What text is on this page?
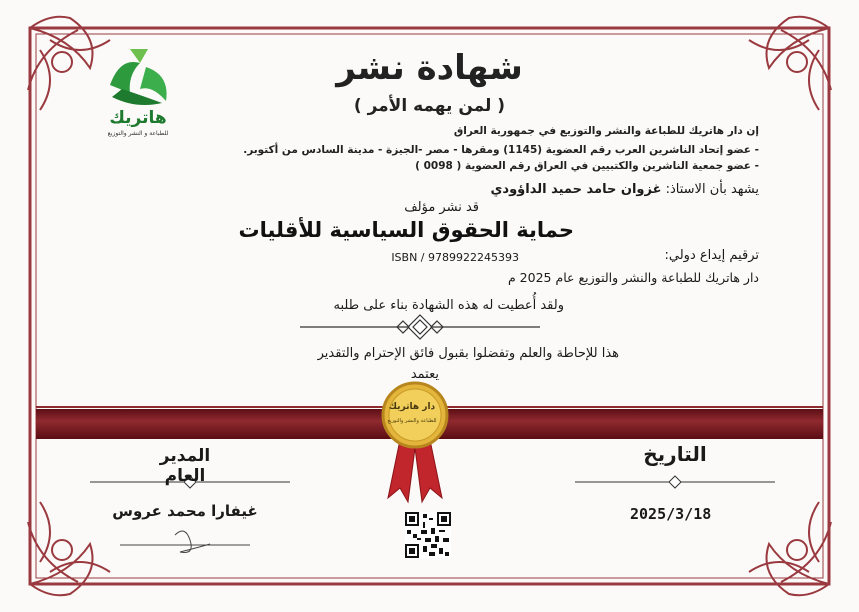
هاتريك
للطباعة و النشر والتوزيع
شهادة نشر
( لمن يهمه الأمر )
إن دار هاتريك للطباعة والنشر والتوزيع في جمهورية العراق
- عضو إتحاد الناشرين العرب رقم العضوية (1145) ومقرها - مصر -الجيزة - مدينة السادس من أكتوبر.
- عضو جمعية الناشرين والكتبيين في العراق رقم العضوية ( 0098 )
يشهد بأن الاستاذ: غزوان حامد حميد الداؤودي
قد نشر مؤلف
حماية الحقوق السياسية للأقليات
ترقيم إيداع دولي:
ISBN / 9789922245393
دار هاتريك للطباعة والنشر والتوزيع عام 2025 م
ولقد أُعطيت له هذه الشهادة بناء على طلبه
هذا للإحاطة والعلم وتفضلوا بقبول فائق الإحترام والتقدير
يعتمد
دار هاتريك
للطباعة والنشر والتوزيع
المدير العام
التاريخ
غيفارا محمد عروس	2025/3/18
